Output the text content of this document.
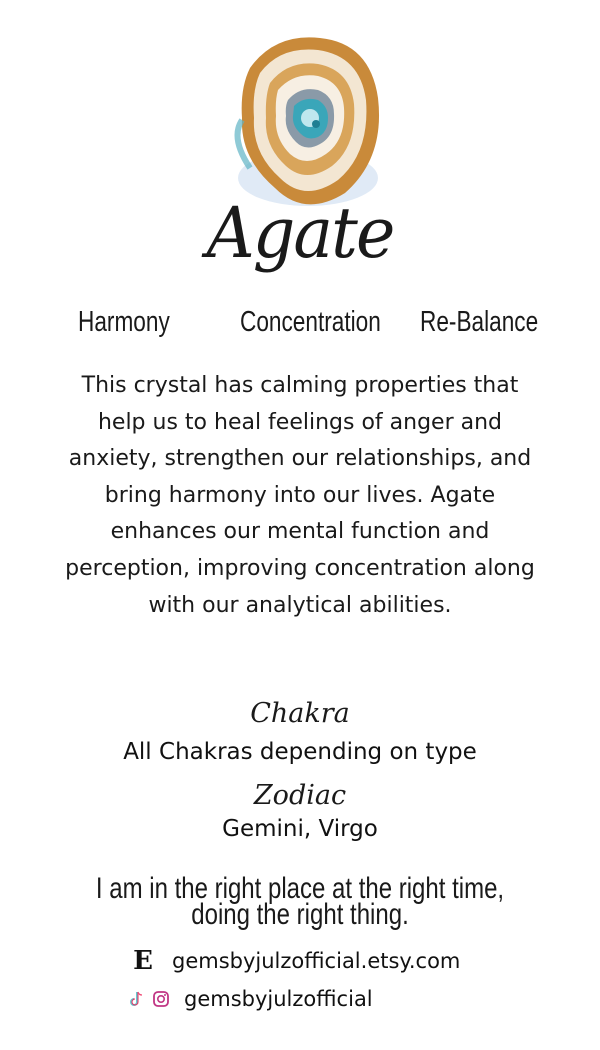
Agate
Harmony Concentration Re-Balance
This crystal has calming properties that help us to heal feelings of anger and anxiety, strengthen our relationships, and bring harmony into our lives. Agate enhances our mental function and perception, improving concentration along with our analytical abilities.
Chakra
All Chakras depending on type
Zodiac
Gemini, Virgo
I am in the right place at the right time, doing the right thing.
E gemsbyjulzofficial.etsy.com
gemsbyjulzofficial
